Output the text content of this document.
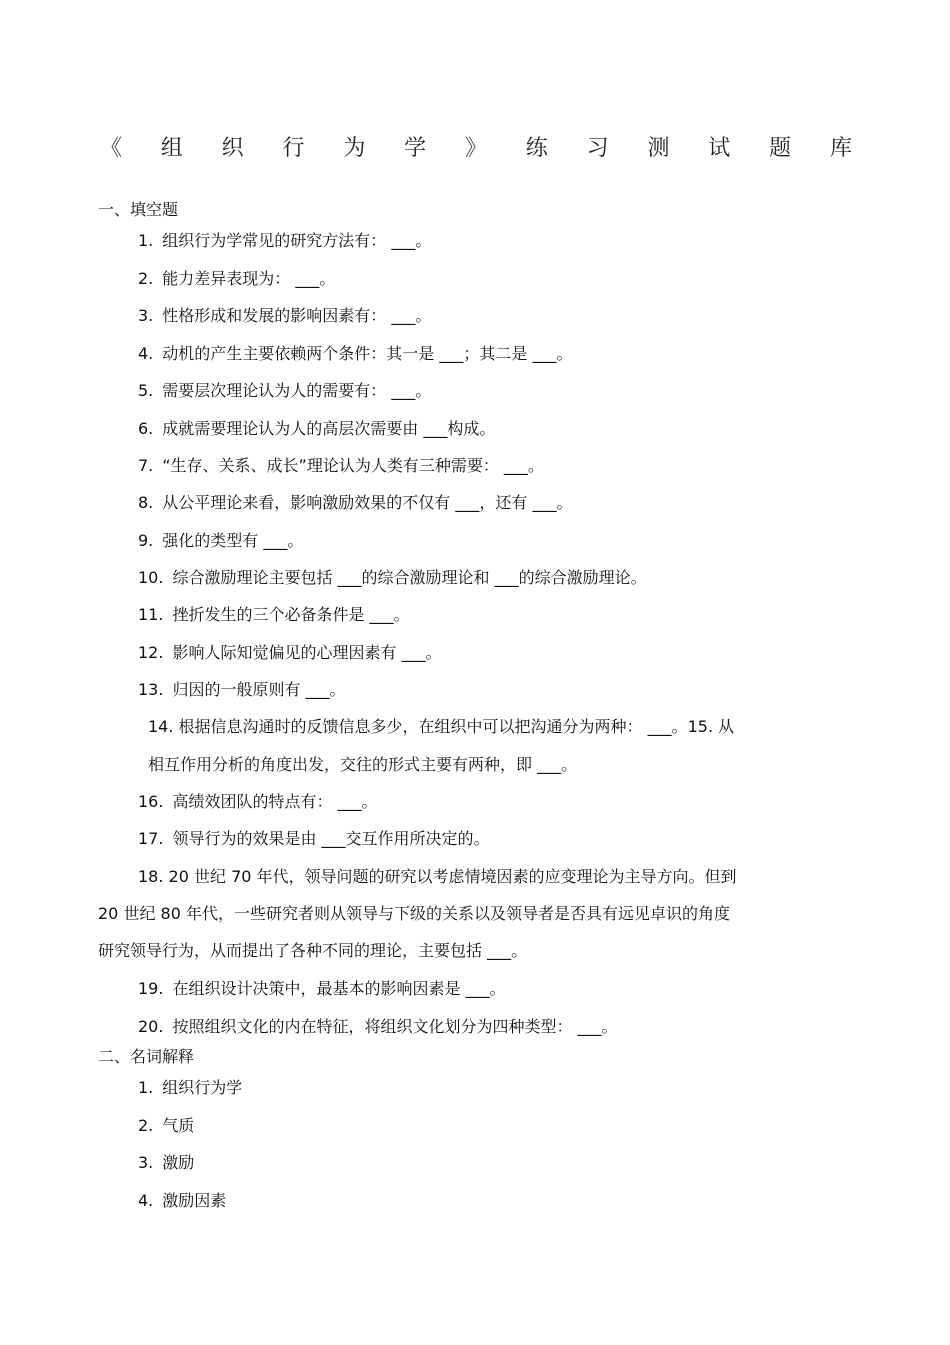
《 组 织 行 为 学 》 练 习 测 试 题 库
一、填空题
1. 组织行为学常见的研究方法有： ___。
2. 能力差异表现为： ___。
3. 性格形成和发展的影响因素有： ___。
4. 动机的产生主要依赖两个条件：其一是 ___；其二是 ___。
5. 需要层次理论认为人的需要有： ___。
6. 成就需要理论认为人的高层次需要由 ___构成。
7. “生存、关系、成长”理论认为人类有三种需要： ___。
8. 从公平理论来看，影响激励效果的不仅有 ___，还有 ___。
9. 强化的类型有 ___。
10. 综合激励理论主要包括 ___的综合激励理论和 ___的综合激励理论。
11. 挫折发生的三个必备条件是 ___。
12. 影响人际知觉偏见的心理因素有 ___。
13. 归因的一般原则有 ___。
14. 根据信息沟通时的反馈信息多少，在组织中可以把沟通分为两种： ___。15. 从
相互作用分析的角度出发，交往的形式主要有两种，即 ___。
16. 高绩效团队的特点有： ___。
17. 领导行为的效果是由 ___交互作用所决定的。
18. 20 世纪 70 年代，领导问题的研究以考虑情境因素的应变理论为主导方向。但到
20 世纪 80 年代，一些研究者则从领导与下级的关系以及领导者是否具有远见卓识的角度
研究领导行为，从而提出了各种不同的理论，主要包括 ___。
19. 在组织设计决策中，最基本的影响因素是 ___。
20. 按照组织文化的内在特征，将组织文化划分为四种类型： ___。
二、名词解释
1. 组织行为学
2. 气质
3. 激励
4. 激励因素
